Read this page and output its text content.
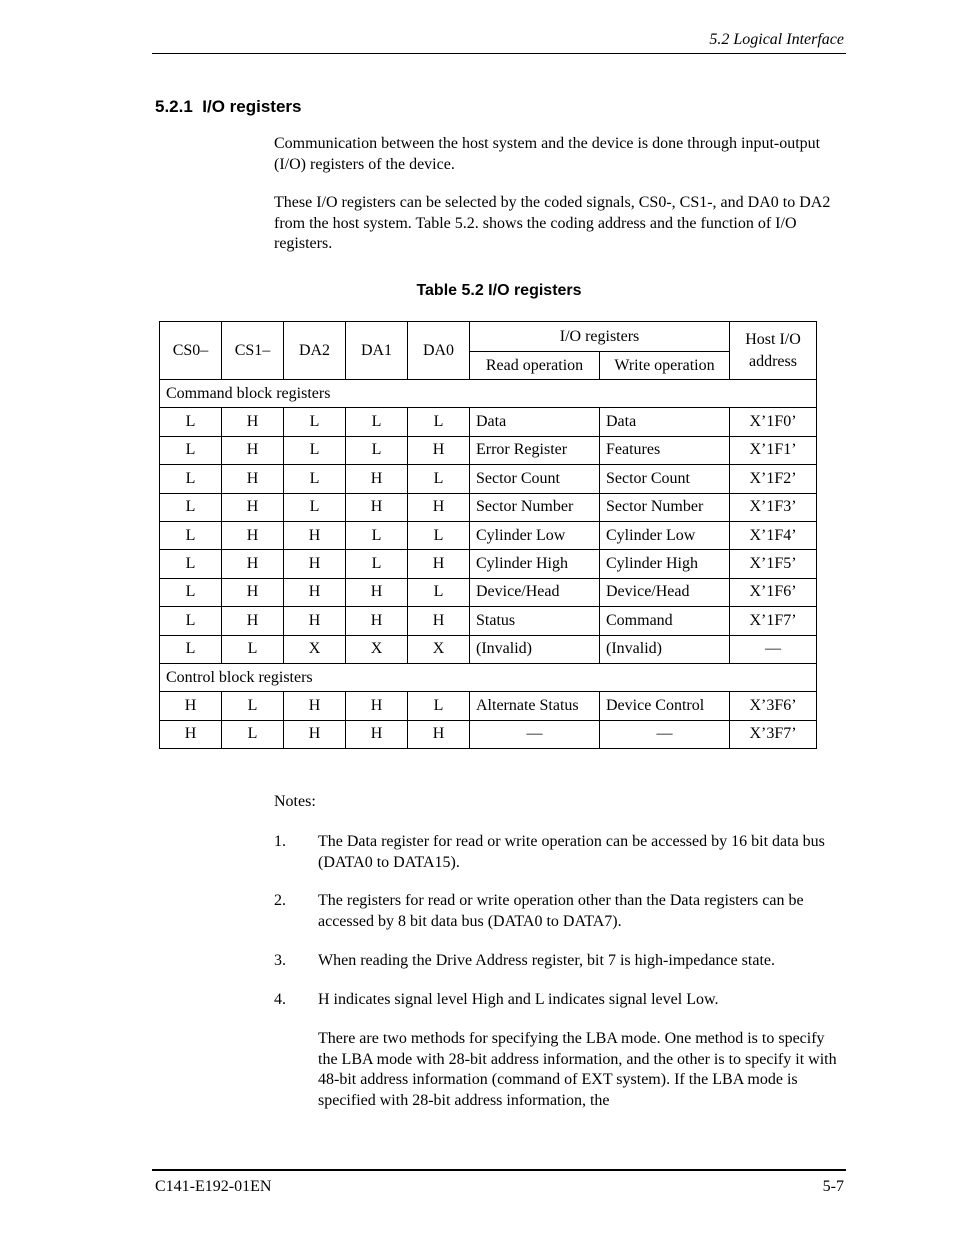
5.2 Logical Interface
5.2.1 I/O registers

Communication between the host system and the device is done through input-output (I/O) registers of the device.

These I/O registers can be selected by the coded signals, CS0-, CS1-, and DA0 to DA2 from the host system. Table 5.2. shows the coding address and the function of I/O registers.

Table 5.2 I/O registers
CS0–	CS1–	DA2	DA1	DA0	I/O registers		Host I/O address
					Read operation	Write operation	
Command block registers							
L	H	L	L	L	Data	Data	X’1F0’
L	H	L	L	H	Error Register	Features	X’1F1’
L	H	L	H	L	Sector Count	Sector Count	X’1F2’
L	H	L	H	H	Sector Number	Sector Number	X’1F3’
L	H	H	L	L	Cylinder Low	Cylinder Low	X’1F4’
L	H	H	L	H	Cylinder High	Cylinder High	X’1F5’
L	H	H	H	L	Device/Head	Device/Head	X’1F6’
L	H	H	H	H	Status	Command	X’1F7’
L	L	X	X	X	(Invalid)	(Invalid)	—
Control block registers							
H	L	H	H	L	Alternate Status	Device Control	X’3F6’
H	L	H	H	H	—	—	X’3F7’
Notes:
1. The Data register for read or write operation can be accessed by 16 bit data bus (DATA0 to DATA15).
2. The registers for read or write operation other than the Data registers can be accessed by 8 bit data bus (DATA0 to DATA7).
3. When reading the Drive Address register, bit 7 is high-impedance state.
4. H indicates signal level High and L indicates signal level Low.
There are two methods for specifying the LBA mode. One method is to specify the LBA mode with 28-bit address information, and the other is to specify it with 48-bit address information (command of EXT system). If the LBA mode is specified with 28-bit address information, the
C141-E192-01EN	5-7
